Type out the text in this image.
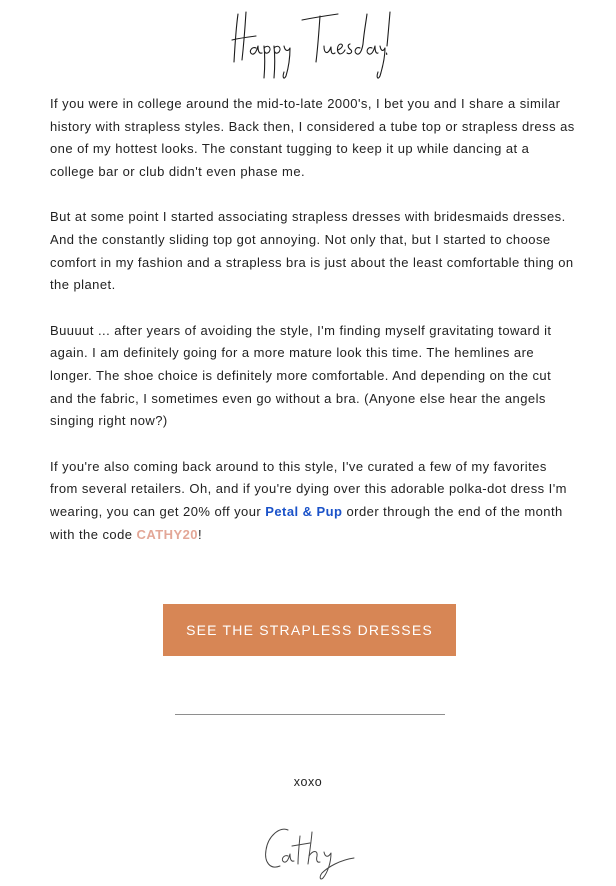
If you were in college around the mid-to-late 2000's, I bet you and I share a similar history with strapless styles. Back then, I considered a tube top or strapless dress as one of my hottest looks. The constant tugging to keep it up while dancing at a college bar or club didn't even phase me.

But at some point I started associating strapless dresses with bridesmaids dresses. And the constantly sliding top got annoying. Not only that, but I started to choose comfort in my fashion and a strapless bra is just about the least comfortable thing on the planet.

Buuuut ... after years of avoiding the style, I'm finding myself gravitating toward it again. I am definitely going for a more mature look this time. The hemlines are longer. The shoe choice is definitely more comfortable. And depending on the cut and the fabric, I sometimes even go without a bra. (Anyone else hear the angels singing right now?)

If you're also coming back around to this style, I've curated a few of my favorites from several retailers. Oh, and if you're dying over this adorable polka-dot dress I'm wearing, you can get 20% off your Petal & Pup order through the end of the month with the code CATHY20!

SEE THE STRAPLESS DRESSES
xoxo
